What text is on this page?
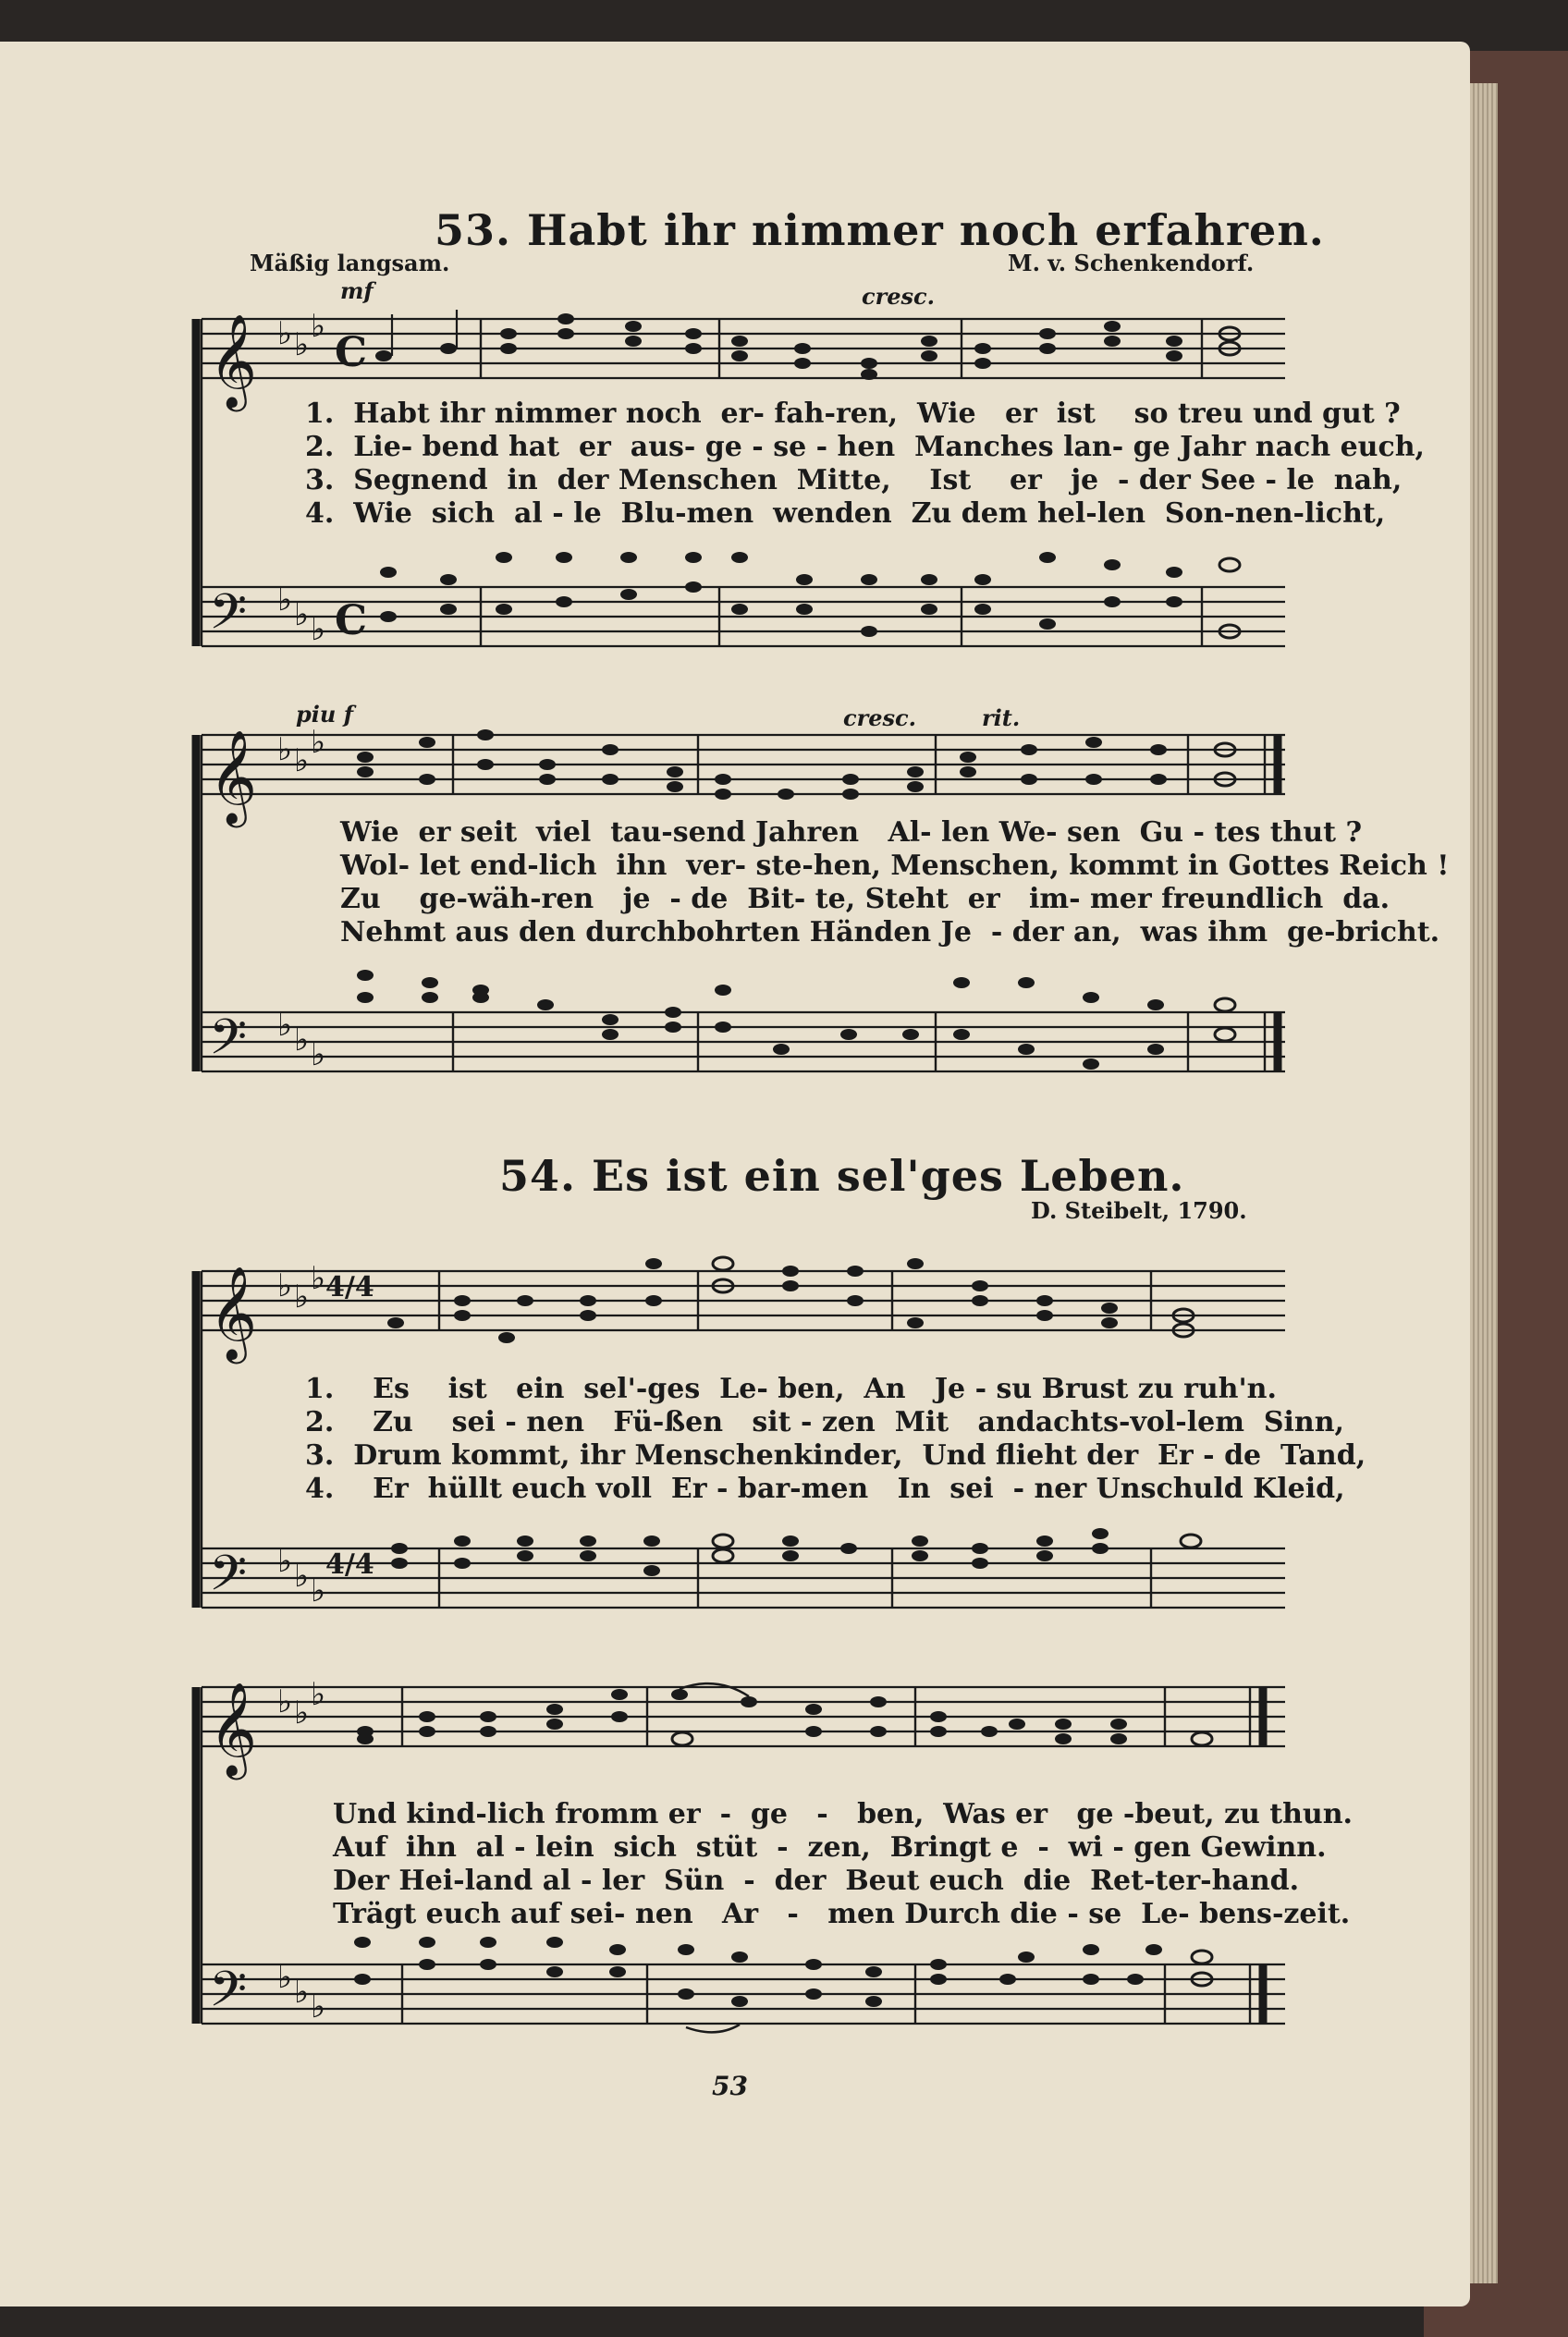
53. Habt ihr nimmer noch erfahren.
Mäßig langsam.	M. v. Schenkendorf.
mf	cresc.
𝄞 ♭ ♭ ♭
C
𝄢 ♭ ♭ ♭ C
𝄞 ♭ ♭ ♭
𝄢 ♭ ♭ ♭
𝄞 ♭ ♭ ♭
𝄢 ♭ ♭ ♭
𝄞 ♭ ♭ ♭
𝄢 ♭ ♭ ♭
4/4
4/4
1.  Habt ihr nimmer noch  er- fah-ren,  Wie   er  ist    so treu und gut ?
2.  Lie- bend hat  er  aus- ge - se - hen  Manches lan- ge Jahr nach euch,
3.  Segnend  in  der Menschen  Mitte,    Ist    er   je  - der See - le  nah,
4.  Wie  sich  al - le  Blu-men  wenden  Zu dem hel-len  Son-nen-licht,
piu f	cresc.	rit.
Wie  er seit  viel  tau-send Jahren   Al- len We- sen  Gu - tes thut ?
Wol- let end-lich  ihn  ver- ste-hen, Menschen, kommt in Gottes Reich !
Zu    ge-wäh-ren   je  - de  Bit- te, Steht  er   im- mer freundlich  da.
Nehmt aus den durchbohrten Händen Je  - der an,  was ihm  ge-bricht.
54. Es ist ein sel'ges Leben.
D. Steibelt, 1790.
1.    Es    ist   ein  sel'-ges  Le- ben,  An   Je - su Brust zu ruh'n.
2.    Zu    sei - nen   Fü-ßen   sit - zen  Mit   andachts-vol-lem  Sinn,
3.  Drum kommt, ihr Menschenkinder,  Und flieht der  Er - de  Tand,
4.    Er  hüllt euch voll  Er - bar-men   In  sei  - ner Unschuld Kleid,
Und kind-lich fromm er  -  ge   -   ben,  Was er   ge -beut, zu thun.
Auf  ihn  al - lein  sich  stüt  -  zen,  Bringt e  -  wi - gen Gewinn.
Der Hei-land al - ler  Sün  -  der  Beut euch  die  Ret-ter-hand.
Trägt euch auf sei- nen   Ar   -   men Durch die - se  Le- bens-zeit.
53
